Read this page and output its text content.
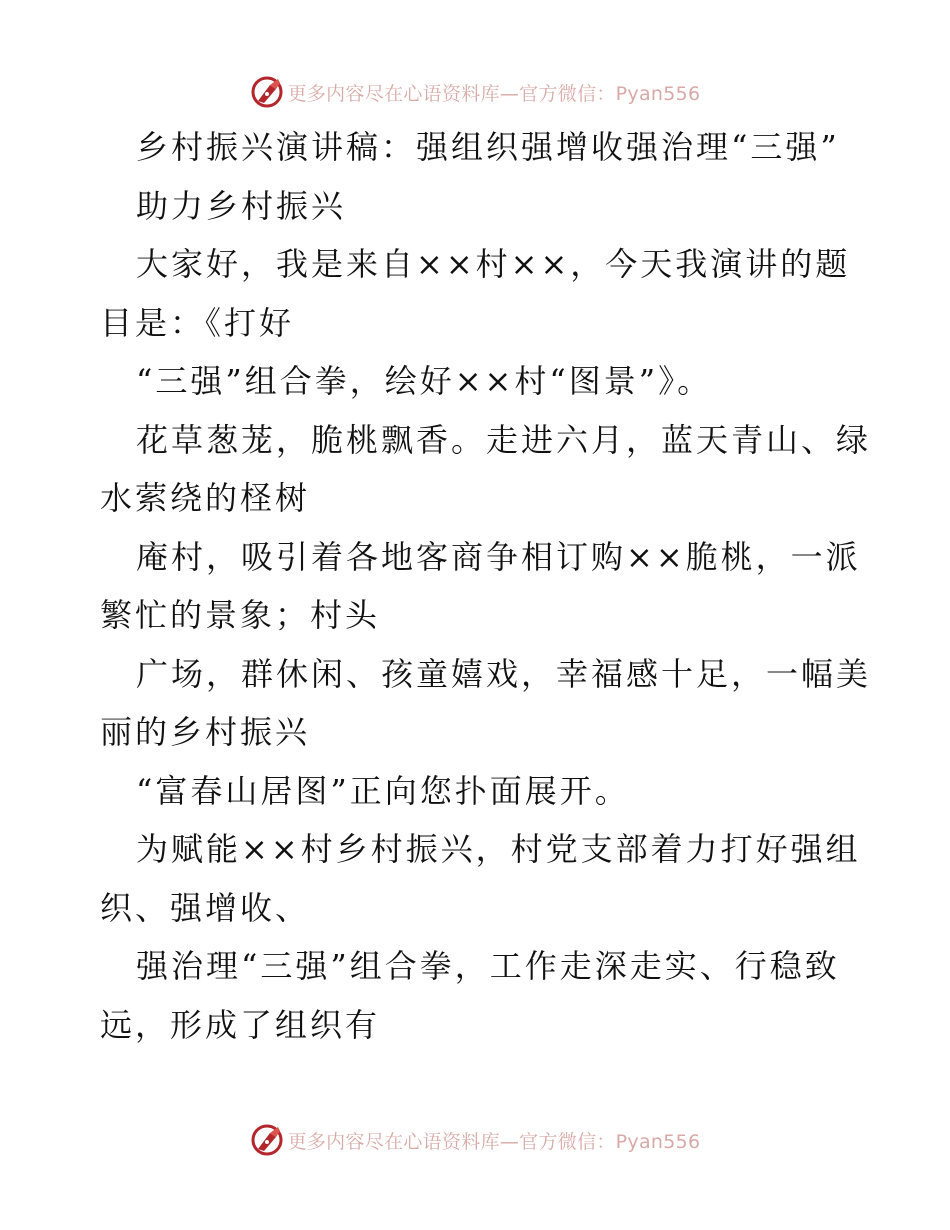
更多内容尽在心语资料库—官方微信：Pyan556
乡村振兴演讲稿：强组织强增收强治理“三强”
助力乡村振兴
大家好，我是来自××村××，今天我演讲的题
目是：《打好
“三强”组合拳，绘好××村“图景”》。
花草葱茏，脆桃飘香。走进六月，蓝天青山、绿
水萦绕的柽树
庵村，吸引着各地客商争相订购××脆桃，一派
繁忙的景象；村头
广场，群休闲、孩童嬉戏，幸福感十足，一幅美
丽的乡村振兴
“富春山居图”正向您扑面展开。
为赋能××村乡村振兴，村党支部着力打好强组
织、强增收、
强治理“三强”组合拳，工作走深走实、行稳致
远，形成了组织有
更多内容尽在心语资料库—官方微信：Pyan556
